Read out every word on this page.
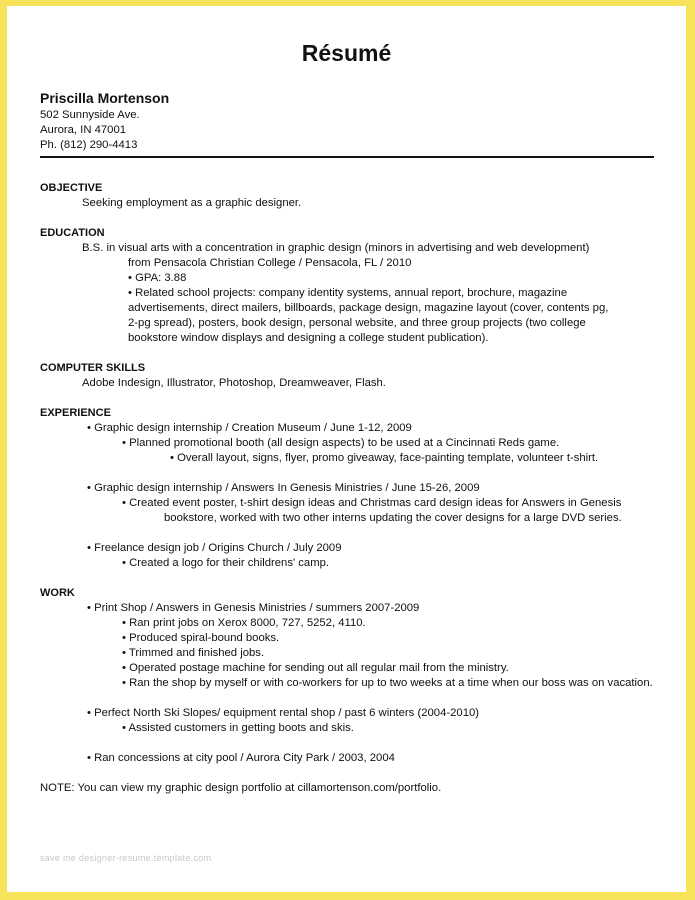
Résumé
Priscilla Mortenson
502 Sunnyside Ave.
Aurora, IN 47001
Ph. (812) 290-4413
OBJECTIVE
Seeking employment as a graphic designer.
EDUCATION
B.S. in visual arts with a concentration in graphic design (minors in advertising and web development)
from Pensacola Christian College / Pensacola, FL / 2010
• GPA: 3.88
• Related school projects: company identity systems, annual report, brochure, magazine
advertisements, direct mailers, billboards, package design, magazine layout (cover, contents pg,
2-pg spread), posters, book design, personal website, and three group projects (two college
bookstore window displays and designing a college student publication).
COMPUTER SKILLS
Adobe Indesign, Illustrator, Photoshop, Dreamweaver, Flash.
EXPERIENCE
• Graphic design internship / Creation Museum / June 1-12, 2009
• Planned promotional booth (all design aspects) to be used at a Cincinnati Reds game.
• Overall layout, signs, flyer, promo giveaway, face-painting template, volunteer t-shirt.
• Graphic design internship / Answers In Genesis Ministries / June 15-26, 2009
• Created event poster, t-shirt design ideas and Christmas card design ideas for Answers in Genesis
bookstore, worked with two other interns updating the cover designs for a large DVD series.
• Freelance design job / Origins Church / July 2009
• Created a logo for their childrens' camp.
WORK
• Print Shop / Answers in Genesis Ministries / summers 2007-2009
• Ran print jobs on Xerox 8000, 727, 5252, 4110.
• Produced spiral-bound books.
• Trimmed and finished jobs.
• Operated postage machine for sending out all regular mail from the ministry.
• Ran the shop by myself or with co-workers for up to two weeks at a time when our boss was on vacation.
• Perfect North Ski Slopes/ equipment rental shop / past 6 winters (2004-2010)
• Assisted customers in getting boots and skis.
• Ran concessions at city pool / Aurora City Park / 2003, 2004
NOTE: You can view my graphic design portfolio at cillamortenson.com/portfolio.
save me designer-resume.template.com
